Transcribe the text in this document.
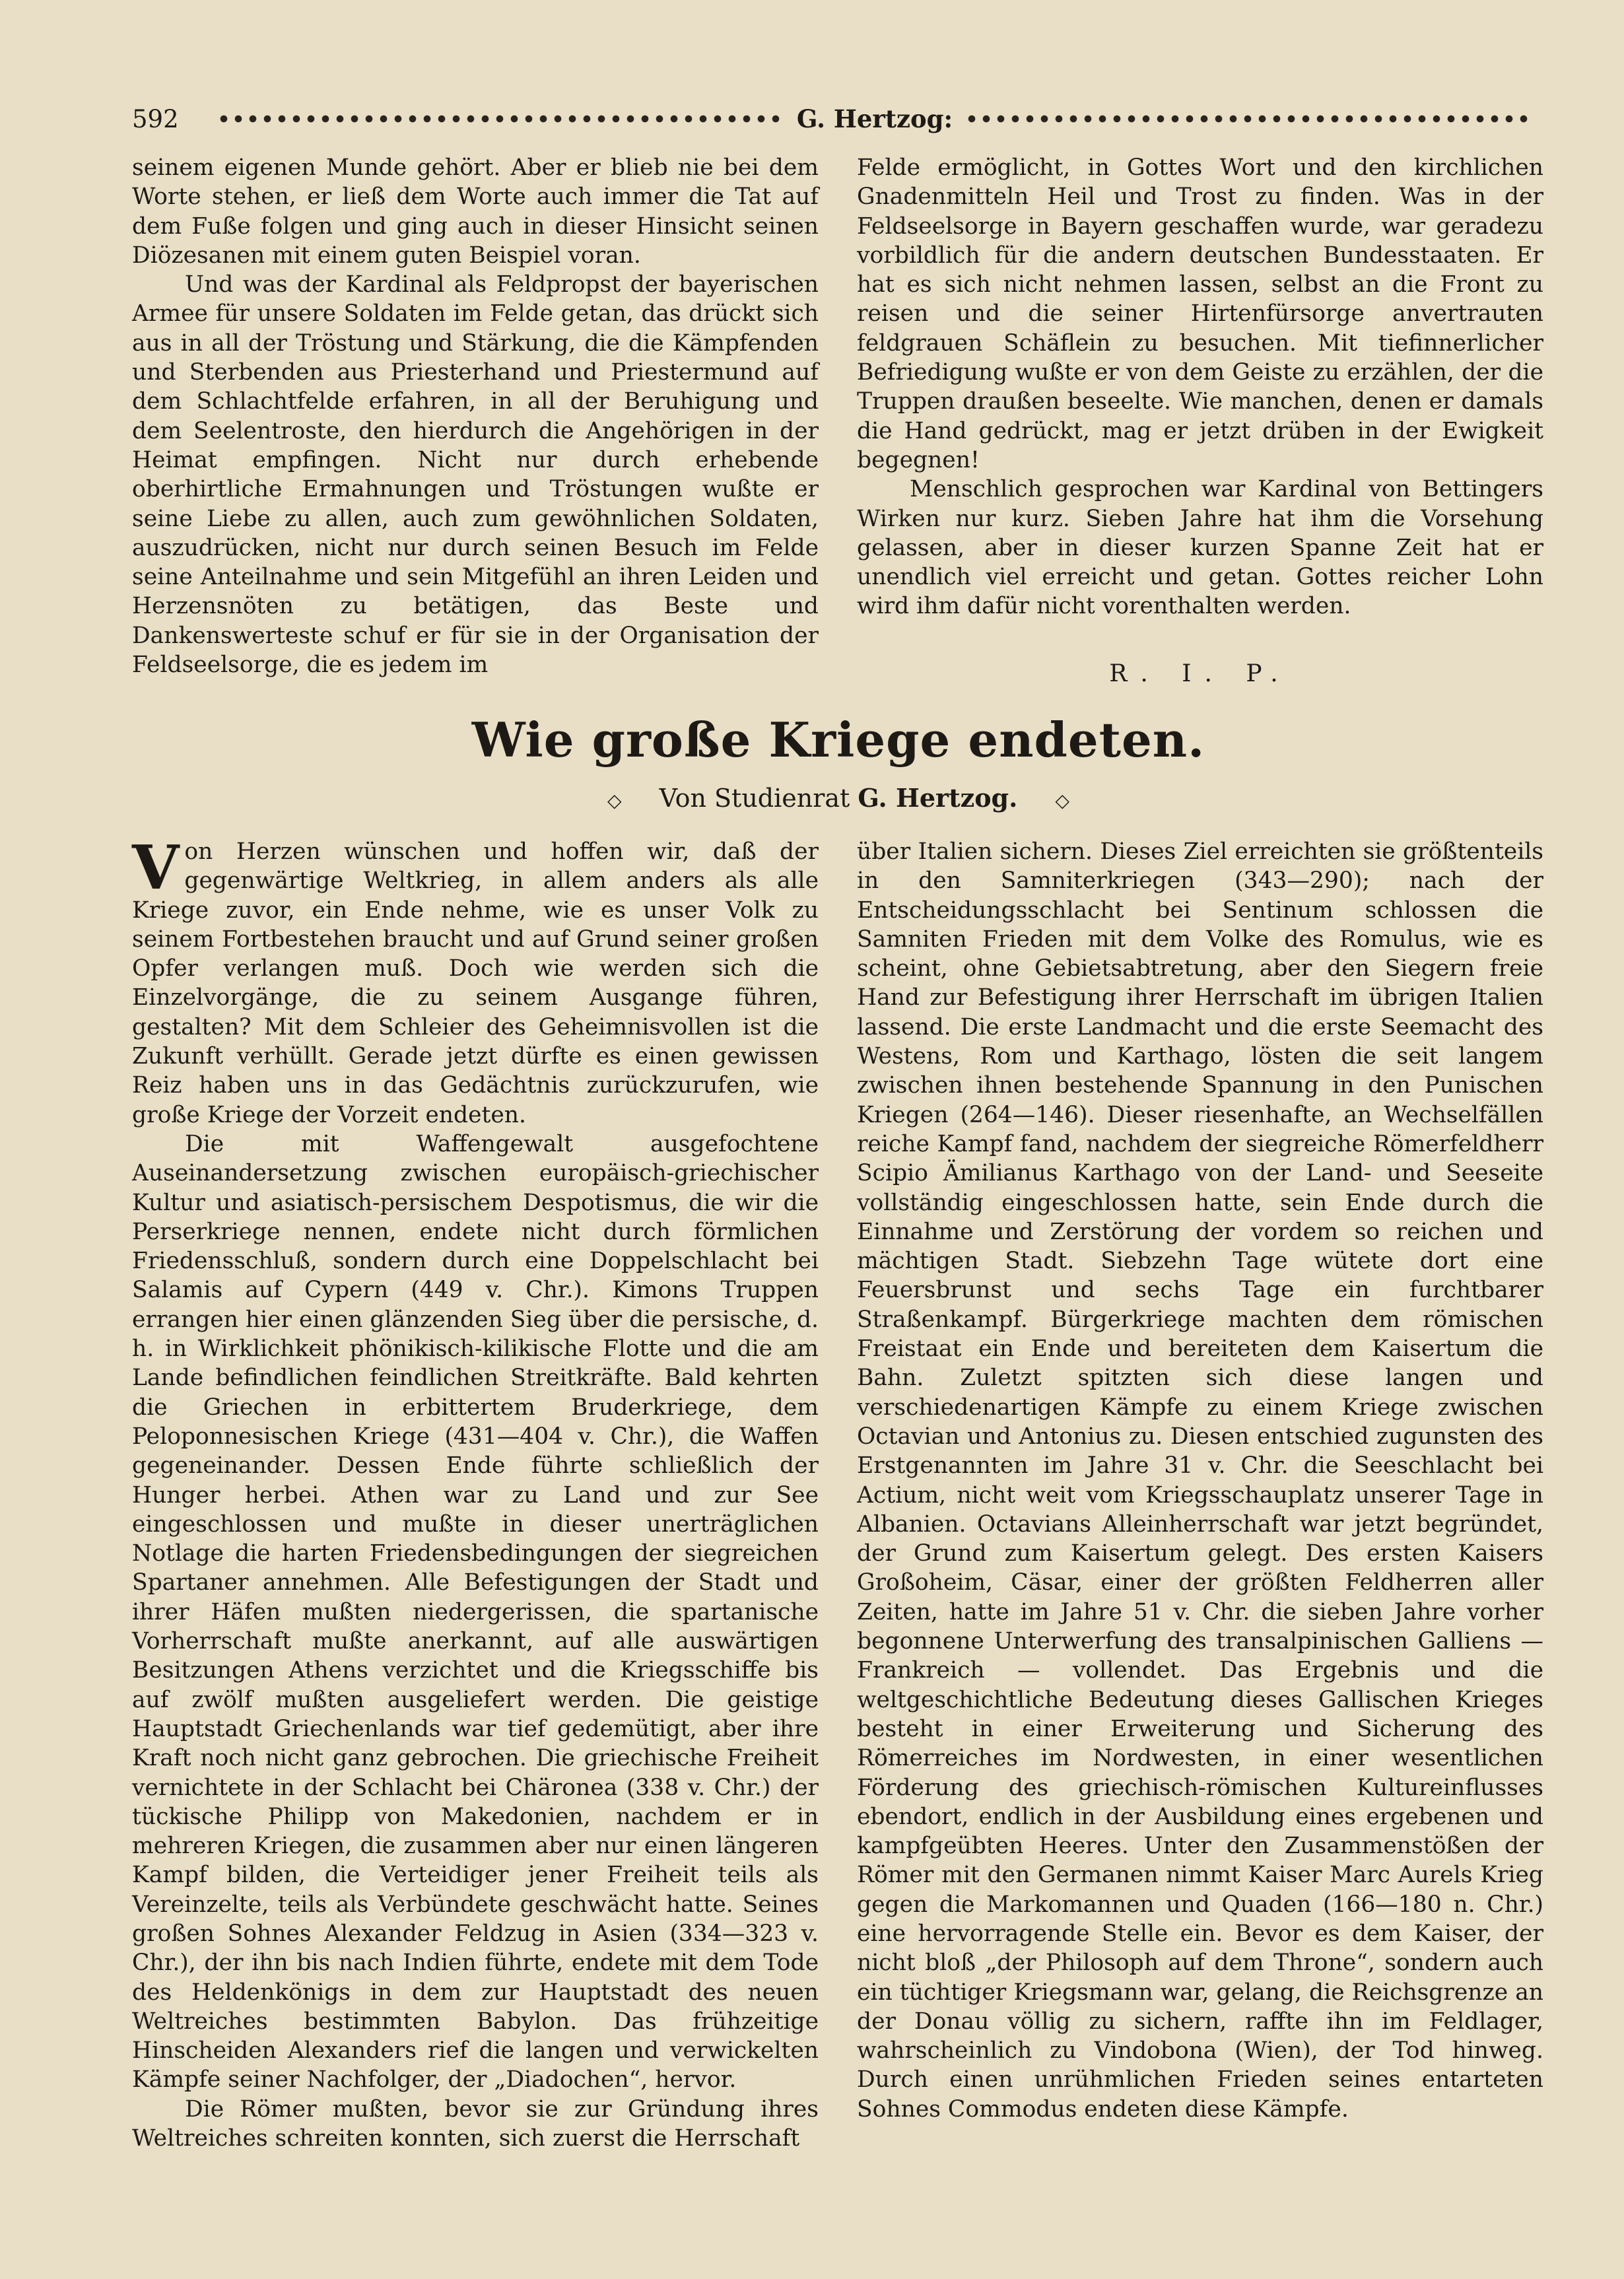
592	G. Hertzog:

seinem eigenen Munde gehört. Aber er blieb nie bei dem Worte stehen, er ließ dem Worte auch immer die Tat auf dem Fuße folgen und ging auch in dieser Hinsicht seinen Diözesanen mit einem guten Beispiel voran.

Und was der Kardinal als Feldpropst der bayerischen Armee für unsere Soldaten im Felde getan, das drückt sich aus in all der Tröstung und Stärkung, die die Kämpfenden und Sterbenden aus Priesterhand und Priestermund auf dem Schlachtfelde erfahren, in all der Beruhigung und dem Seelentroste, den hierdurch die Angehörigen in der Heimat empfingen. Nicht nur durch erhebende oberhirtliche Ermahnungen und Tröstungen wußte er seine Liebe zu allen, auch zum gewöhnlichen Soldaten, auszudrücken, nicht nur durch seinen Besuch im Felde seine Anteilnahme und sein Mitgefühl an ihren Leiden und Herzensnöten zu betätigen, das Beste und Dankenswerteste schuf er für sie in der Organisation der Feldseelsorge, die es jedem im

Felde ermöglicht, in Gottes Wort und den kirchlichen Gnadenmitteln Heil und Trost zu finden. Was in der Feldseelsorge in Bayern geschaffen wurde, war geradezu vorbildlich für die andern deutschen Bundesstaaten. Er hat es sich nicht nehmen lassen, selbst an die Front zu reisen und die seiner Hirtenfürsorge anvertrauten feldgrauen Schäflein zu besuchen. Mit tiefinnerlicher Befriedigung wußte er von dem Geiste zu erzählen, der die Truppen draußen beseelte. Wie manchen, denen er damals die Hand gedrückt, mag er jetzt drüben in der Ewigkeit begegnen!

Menschlich gesprochen war Kardinal von Bettingers Wirken nur kurz. Sieben Jahre hat ihm die Vorsehung gelassen, aber in dieser kurzen Spanne Zeit hat er unendlich viel erreicht und getan. Gottes reicher Lohn wird ihm dafür nicht vorenthalten werden.

R. I. P.
Wie große Kriege endeten.
◇ Von Studienrat G. Hertzog. ◇

Von Herzen wünschen und hoffen wir, daß der gegenwärtige Weltkrieg, in allem anders als alle Kriege zuvor, ein Ende nehme, wie es unser Volk zu seinem Fortbestehen braucht und auf Grund seiner großen Opfer verlangen muß. Doch wie werden sich die Einzelvorgänge, die zu seinem Ausgange führen, gestalten? Mit dem Schleier des Geheimnisvollen ist die Zukunft verhüllt. Gerade jetzt dürfte es einen gewissen Reiz haben uns in das Gedächtnis zurückzurufen, wie große Kriege der Vorzeit endeten.

Die mit Waffengewalt ausgefochtene Auseinandersetzung zwischen europäisch-griechischer Kultur und asiatisch-persischem Despotismus, die wir die Perserkriege nennen, endete nicht durch förmlichen Friedensschluß, sondern durch eine Doppelschlacht bei Salamis auf Cypern (449 v. Chr.). Kimons Truppen errangen hier einen glänzenden Sieg über die persische, d. h. in Wirklichkeit phönikisch-kilikische Flotte und die am Lande befindlichen feindlichen Streitkräfte. Bald kehrten die Griechen in erbittertem Bruderkriege, dem Peloponnesischen Kriege (431—404 v. Chr.), die Waffen gegeneinander. Dessen Ende führte schließlich der Hunger herbei. Athen war zu Land und zur See eingeschlossen und mußte in dieser unerträglichen Notlage die harten Friedensbedingungen der siegreichen Spartaner annehmen. Alle Befestigungen der Stadt und ihrer Häfen mußten niedergerissen, die spartanische Vorherrschaft mußte anerkannt, auf alle auswärtigen Besitzungen Athens verzichtet und die Kriegsschiffe bis auf zwölf mußten ausgeliefert werden. Die geistige Hauptstadt Griechenlands war tief gedemütigt, aber ihre Kraft noch nicht ganz gebrochen. Die griechische Freiheit vernichtete in der Schlacht bei Chäronea (338 v. Chr.) der tückische Philipp von Makedonien, nachdem er in mehreren Kriegen, die zusammen aber nur einen längeren Kampf bilden, die Verteidiger jener Freiheit teils als Vereinzelte, teils als Verbündete geschwächt hatte. Seines großen Sohnes Alexander Feldzug in Asien (334—323 v. Chr.), der ihn bis nach Indien führte, endete mit dem Tode des Heldenkönigs in dem zur Hauptstadt des neuen Weltreiches bestimmten Babylon. Das frühzeitige Hinscheiden Alexanders rief die langen und verwickelten Kämpfe seiner Nachfolger, der „Diadochen“, hervor.

Die Römer mußten, bevor sie zur Gründung ihres Weltreiches schreiten konnten, sich zuerst die Herrschaft

über Italien sichern. Dieses Ziel erreichten sie größtenteils in den Samniterkriegen (343—290); nach der Entscheidungsschlacht bei Sentinum schlossen die Samniten Frieden mit dem Volke des Romulus, wie es scheint, ohne Gebietsabtretung, aber den Siegern freie Hand zur Befestigung ihrer Herrschaft im übrigen Italien lassend. Die erste Landmacht und die erste Seemacht des Westens, Rom und Karthago, lösten die seit langem zwischen ihnen bestehende Spannung in den Punischen Kriegen (264—146). Dieser riesenhafte, an Wechselfällen reiche Kampf fand, nachdem der siegreiche Römerfeldherr Scipio Ämilianus Karthago von der Land- und Seeseite vollständig eingeschlossen hatte, sein Ende durch die Einnahme und Zerstörung der vordem so reichen und mächtigen Stadt. Siebzehn Tage wütete dort eine Feuersbrunst und sechs Tage ein furchtbarer Straßenkampf. Bürgerkriege machten dem römischen Freistaat ein Ende und bereiteten dem Kaisertum die Bahn. Zuletzt spitzten sich diese langen und verschiedenartigen Kämpfe zu einem Kriege zwischen Octavian und Antonius zu. Diesen entschied zugunsten des Erstgenannten im Jahre 31 v. Chr. die Seeschlacht bei Actium, nicht weit vom Kriegsschauplatz unserer Tage in Albanien. Octavians Alleinherrschaft war jetzt begründet, der Grund zum Kaisertum gelegt. Des ersten Kaisers Großoheim, Cäsar, einer der größten Feldherren aller Zeiten, hatte im Jahre 51 v. Chr. die sieben Jahre vorher begonnene Unterwerfung des transalpinischen Galliens — Frankreich — vollendet. Das Ergebnis und die weltgeschichtliche Bedeutung dieses Gallischen Krieges besteht in einer Erweiterung und Sicherung des Römerreiches im Nordwesten, in einer wesentlichen Förderung des griechisch-römischen Kultureinflusses ebendort, endlich in der Ausbildung eines ergebenen und kampfgeübten Heeres. Unter den Zusammenstößen der Römer mit den Germanen nimmt Kaiser Marc Aurels Krieg gegen die Markomannen und Quaden (166—180 n. Chr.) eine hervorragende Stelle ein. Bevor es dem Kaiser, der nicht bloß „der Philosoph auf dem Throne“, sondern auch ein tüchtiger Kriegsmann war, gelang, die Reichsgrenze an der Donau völlig zu sichern, raffte ihn im Feldlager, wahrscheinlich zu Vindobona (Wien), der Tod hinweg. Durch einen unrühmlichen Frieden seines entarteten Sohnes Commodus endeten diese Kämpfe.
